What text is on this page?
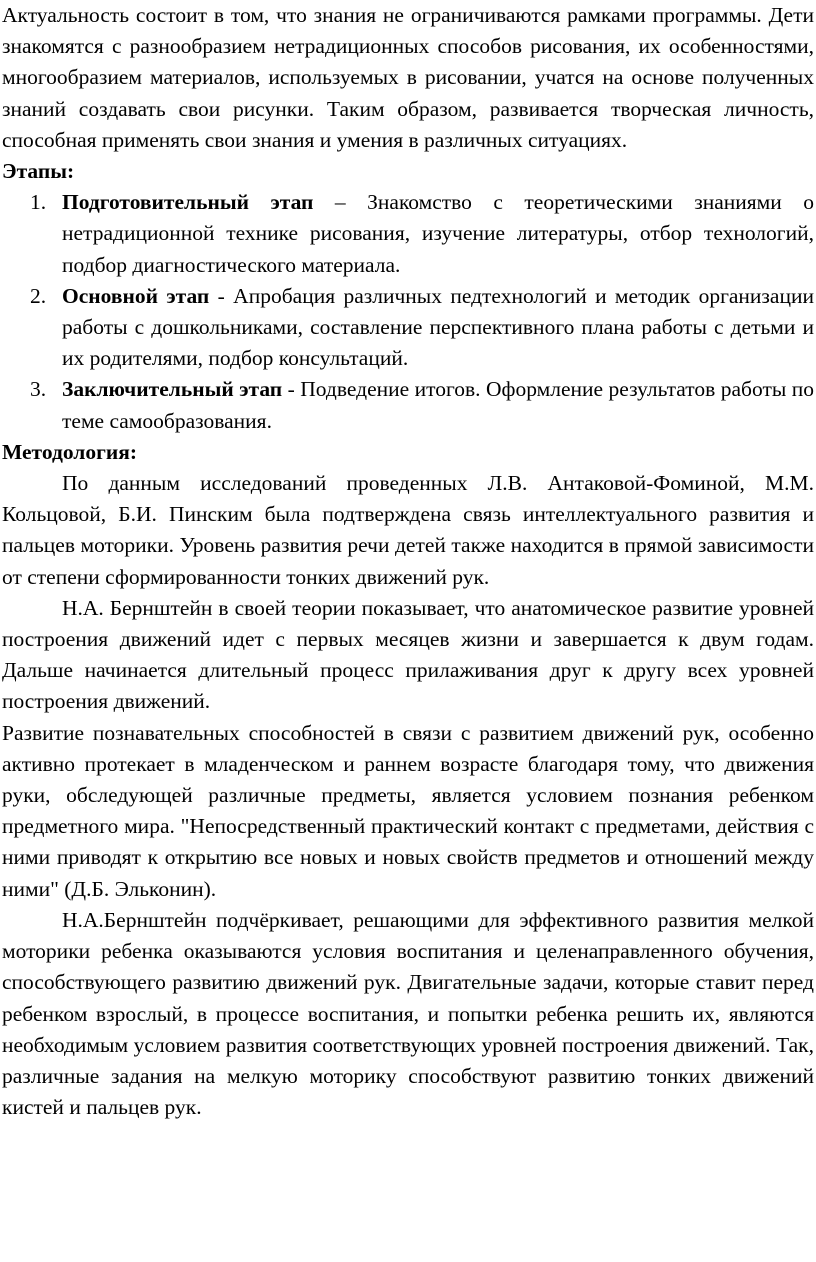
Актуальность состоит в том, что знания не ограничиваются рамками программы. Дети знакомятся с разнообразием нетрадиционных способов рисования, их особенностями, многообразием материалов, используемых в рисовании, учатся на основе полученных знаний создавать свои рисунки. Таким образом, развивается творческая личность, способная применять свои знания и умения в различных ситуациях.

Этапы:

1. Подготовительный этап – Знакомство с теоретическими знаниями о нетрадиционной технике рисования, изучение литературы, отбор технологий, подбор диагностического материала.
2. Основной этап - Апробация различных педтехнологий и методик организации работы с дошкольниками, составление перспективного плана работы с детьми и их родителями, подбор консультаций.
3. Заключительный этап - Подведение итогов. Оформление результатов работы по теме самообразования.

Методология:

По данным исследований проведенных Л.В. Антаковой-Фоминой, М.М. Кольцовой, Б.И. Пинским была подтверждена связь интеллектуального развития и пальцев моторики. Уровень развития речи детей также находится в прямой зависимости от степени сформированности тонких движений рук.

Н.А. Бернштейн в своей теории показывает, что анатомическое развитие уровней построения движений идет с первых месяцев жизни и завершается к двум годам. Дальше начинается длительный процесс прилаживания друг к другу всех уровней построения движений.

Развитие познавательных способностей в связи с развитием движений рук, особенно активно протекает в младенческом и раннем возрасте благодаря тому, что движения руки, обследующей различные предметы, является условием познания ребенком предметного мира. "Непосредственный практический контакт с предметами, действия с ними приводят к открытию все новых и новых свойств предметов и отношений между ними" (Д.Б. Эльконин).

Н.А.Бернштейн подчёркивает, решающими для эффективного развития мелкой моторики ребенка оказываются условия воспитания и целенаправленного обучения, способствующего развитию движений рук. Двигательные задачи, которые ставит перед ребенком взрослый, в процессе воспитания, и попытки ребенка решить их, являются необходимым условием развития соответствующих уровней построения движений. Так, различные задания на мелкую моторику способствуют развитию тонких движений кистей и пальцев рук.
